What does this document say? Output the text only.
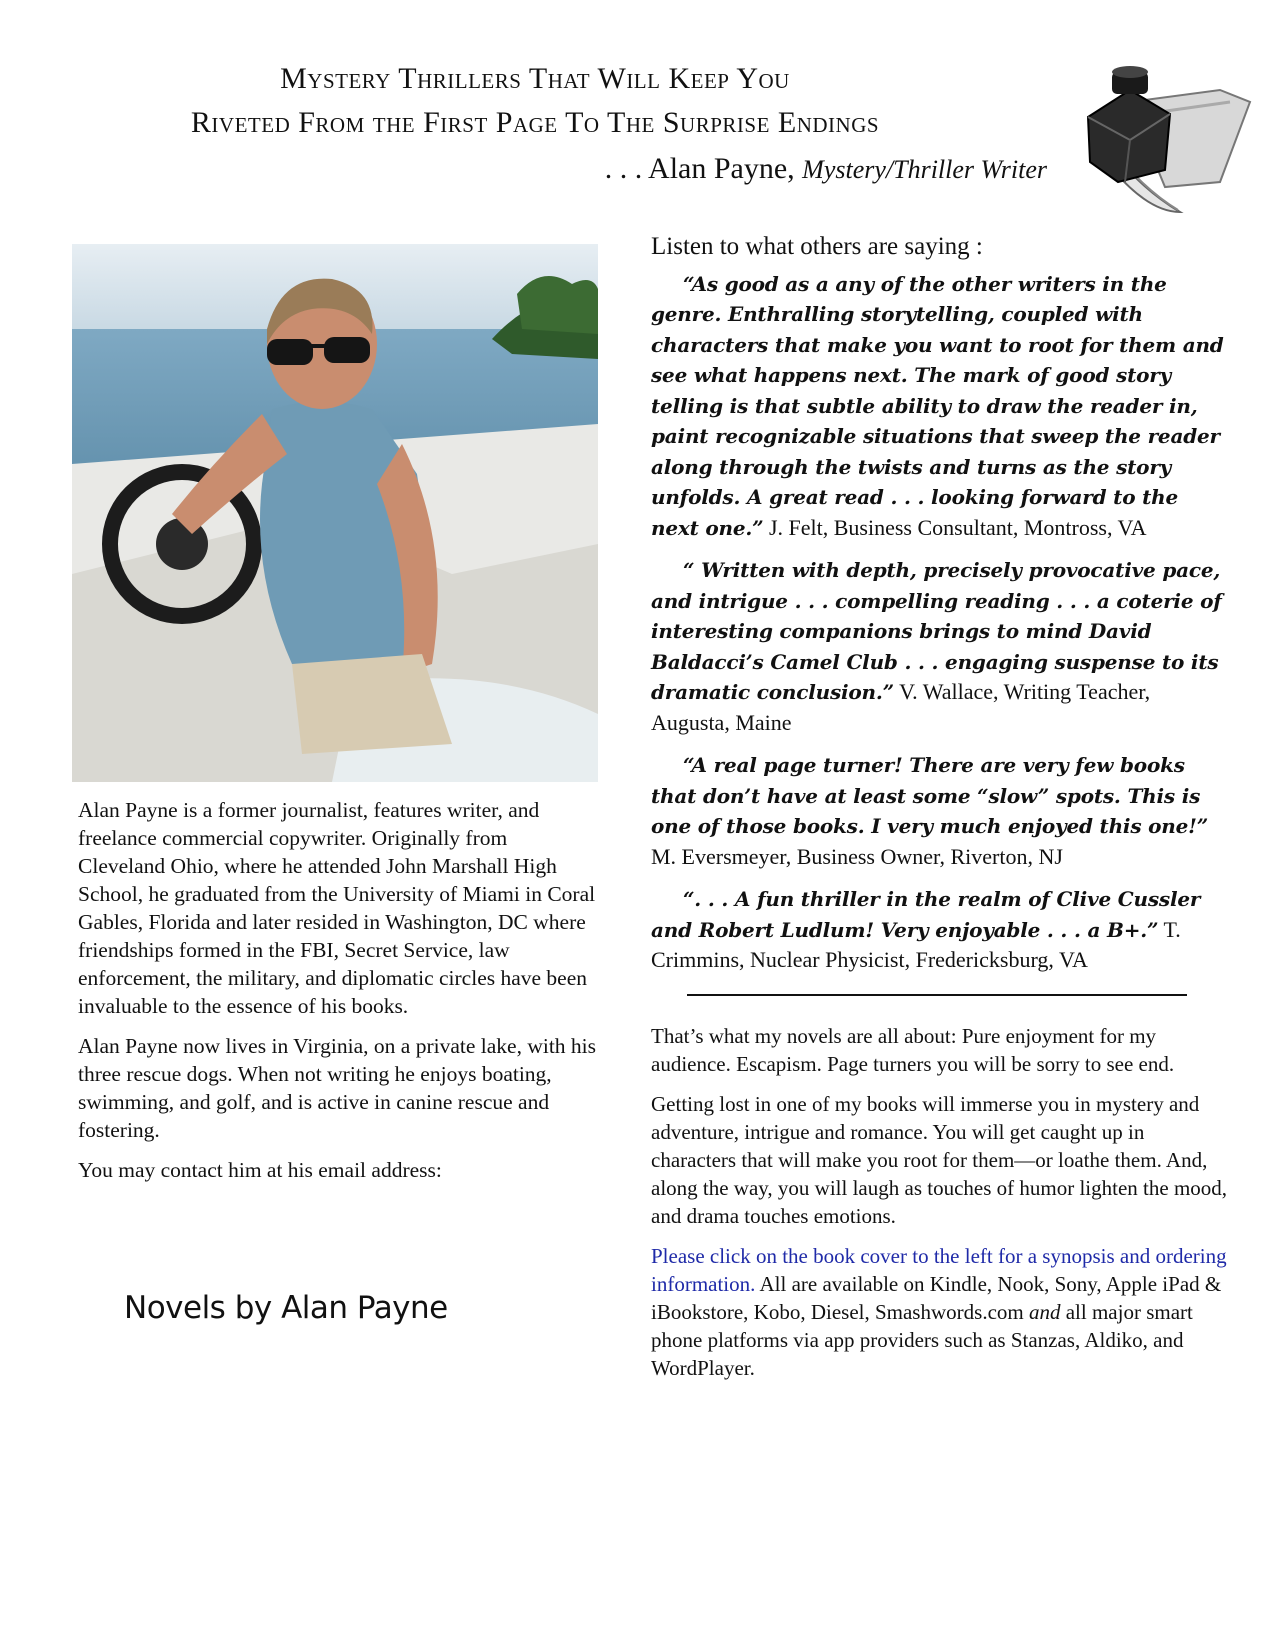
Mystery Thrillers That Will Keep You
Riveted From the First Page To The Surprise Endings
. . . Alan Payne, Mystery/Thriller Writer

Alan Payne is a former journalist, features writer, and freelance commercial copywriter. Originally from Cleveland Ohio, where he attended John Marshall High School, he graduated from the University of Miami in Coral Gables, Florida and later resided in Washington, DC where friendships formed in the FBI, Secret Service, law enforcement, the military, and diplomatic circles have been invaluable to the essence of his books.

Alan Payne now lives in Virginia, on a private lake, with his three rescue dogs. When not writing he enjoys boating, swimming, and golf, and is active in canine rescue and fostering.

You may contact him at his email address:

Novels by Alan Payne
Listen to what others are saying :
“As good as a any of the other writers in the genre. Enthralling storytelling, coupled with characters that make you want to root for them and see what happens next. The mark of good story telling is that subtle ability to draw the reader in, paint recognizable situations that sweep the reader along through the twists and turns as the story unfolds. A great read . . . looking forward to the next one.” J. Felt, Business Consultant, Montross, VA
“ Written with depth, precisely provocative pace, and intrigue . . . compelling reading . . . a coterie of interesting companions brings to mind David Baldacci’s Camel Club . . . engaging suspense to its dramatic conclusion.” V. Wallace, Writing Teacher, Augusta, Maine
“A real page turner! There are very few books that don’t have at least some “slow” spots. This is one of those books. I very much enjoyed this one!” M. Eversmeyer, Business Owner, Riverton, NJ
“. . . A fun thriller in the realm of Clive Cussler and Robert Ludlum! Very enjoyable . . . a B+.” T. Crimmins, Nuclear Physicist, Fredericksburg, VA

That’s what my novels are all about: Pure enjoyment for my audience. Escapism. Page turners you will be sorry to see end.

Getting lost in one of my books will immerse you in mystery and adventure, intrigue and romance. You will get caught up in characters that will make you root for them—or loathe them. And, along the way, you will laugh as touches of humor lighten the mood, and drama touches emotions.

Please click on the book cover to the left for a synopsis and ordering information. All are available on Kindle, Nook, Sony, Apple iPad & iBookstore, Kobo, Diesel, Smashwords.com and all major smart phone platforms via app providers such as Stanzas, Aldiko, and WordPlayer.
